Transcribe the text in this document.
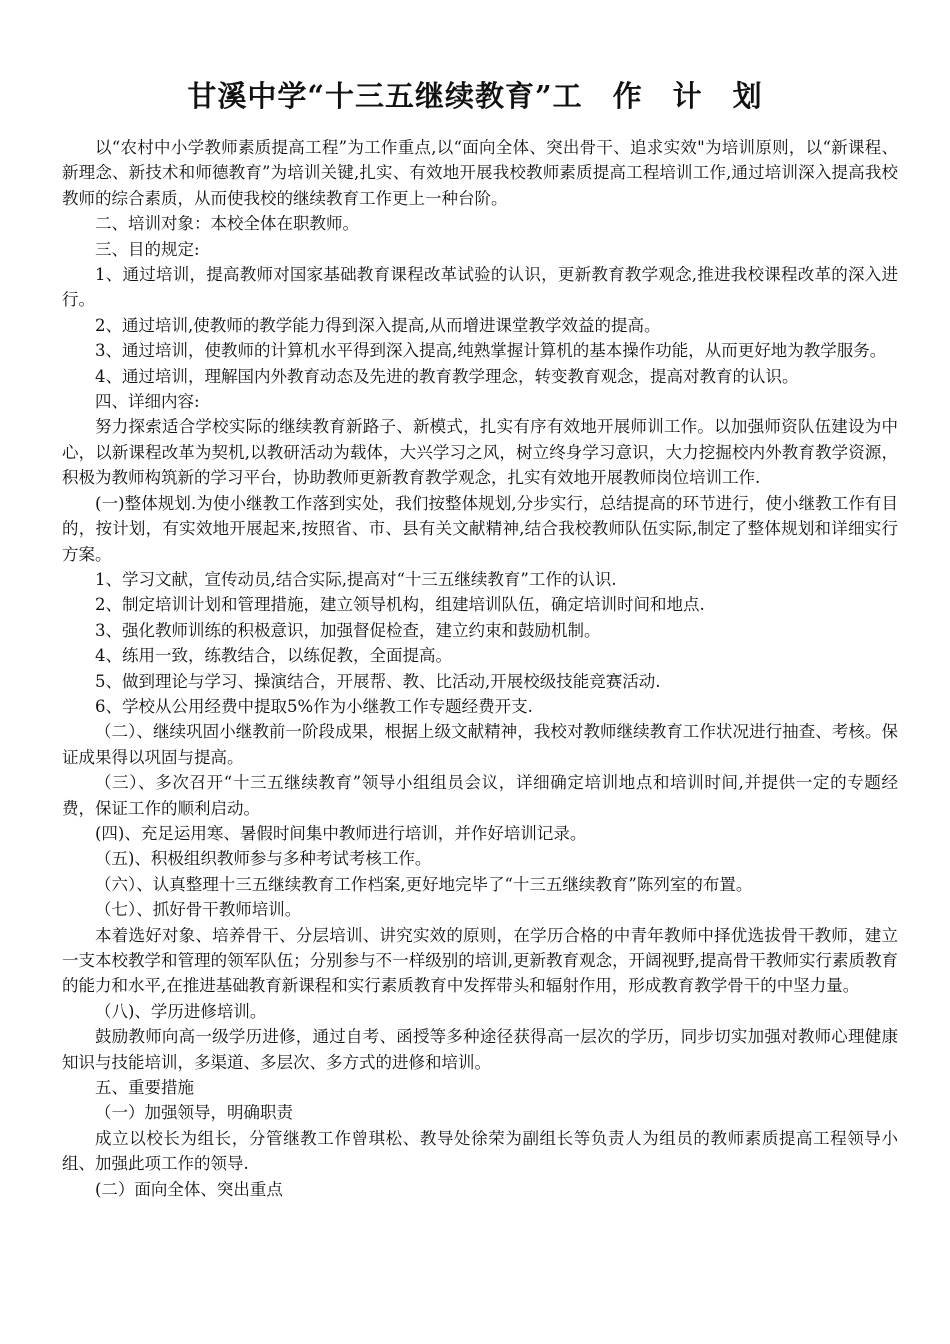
甘溪中学“十三五继续教育”工　作　计　划

以“农村中小学教师素质提高工程”为工作重点,以“面向全体、突出骨干、追求实效"为培训原则，以“新课程、新理念、新技术和师德教育”为培训关键,扎实、有效地开展我校教师素质提高工程培训工作,通过培训深入提高我校教师的综合素质，从而使我校的继续教育工作更上一种台阶。

二、培训对象：本校全体在职教师。

三、目的规定:

1、通过培训，提高教师对国家基础教育课程改革试验的认识，更新教育教学观念,推进我校课程改革的深入进行。

2、通过培训,使教师的教学能力得到深入提高,从而增进课堂教学效益的提高。

3、通过培训，使教师的计算机水平得到深入提高,纯熟掌握计算机的基本操作功能，从而更好地为教学服务。

4、通过培训，理解国内外教育动态及先进的教育教学理念，转变教育观念，提高对教育的认识。

四、详细内容:

努力探索适合学校实际的继续教育新路子、新模式，扎实有序有效地开展师训工作。以加强师资队伍建设为中心，以新课程改革为契机,以教研活动为载体，大兴学习之风，树立终身学习意识，大力挖掘校内外教育教学资源，积极为教师构筑新的学习平台，协助教师更新教育教学观念，扎实有效地开展教师岗位培训工作.

(一)整体规划.为使小继教工作落到实处，我们按整体规划,分步实行，总结提高的环节进行，使小继教工作有目的，按计划，有实效地开展起来,按照省、市、县有关文献精神,结合我校教师队伍实际,制定了整体规划和详细实行方案。

1、学习文献，宣传动员,结合实际,提高对“十三五继续教育”工作的认识.

2、制定培训计划和管理措施，建立领导机构，组建培训队伍，确定培训时间和地点.

3、强化教师训练的积极意识，加强督促检查，建立约束和鼓励机制。

4、练用一致，练教结合，以练促教，全面提高。

5、做到理论与学习、操演结合，开展帮、教、比活动,开展校级技能竞赛活动.

6、学校从公用经费中提取5%作为小继教工作专题经费开支.

（二）、继续巩固小继教前一阶段成果，根据上级文献精神，我校对教师继续教育工作状况进行抽查、考核。保证成果得以巩固与提高。

（三）、多次召开“十三五继续教育”领导小组组员会议，详细确定培训地点和培训时间,并提供一定的专题经费，保证工作的顺利启动。

(四)、充足运用寒、暑假时间集中教师进行培训，并作好培训记录。

（五)、积极组织教师参与多种考试考核工作。

（六）、认真整理十三五继续教育工作档案,更好地完毕了“十三五继续教育”陈列室的布置。

（七）、抓好骨干教师培训。

本着选好对象、培养骨干、分层培训、讲究实效的原则，在学历合格的中青年教师中择优选拔骨干教师，建立一支本校教学和管理的领军队伍；分别参与不一样级别的培训,更新教育观念，开阔视野,提高骨干教师实行素质教育的能力和水平,在推进基础教育新课程和实行素质教育中发挥带头和辐射作用，形成教育教学骨干的中坚力量。

（八)、学历进修培训。

鼓励教师向高一级学历进修，通过自考、函授等多种途径获得高一层次的学历，同步切实加强对教师心理健康知识与技能培训，多渠道、多层次、多方式的进修和培训。

五、重要措施

（一）加强领导，明确职责

成立以校长为组长，分管继教工作曾琪松、教导处徐荣为副组长等负责人为组员的教师素质提高工程领导小组、加强此项工作的领导.

(二）面向全体、突出重点
